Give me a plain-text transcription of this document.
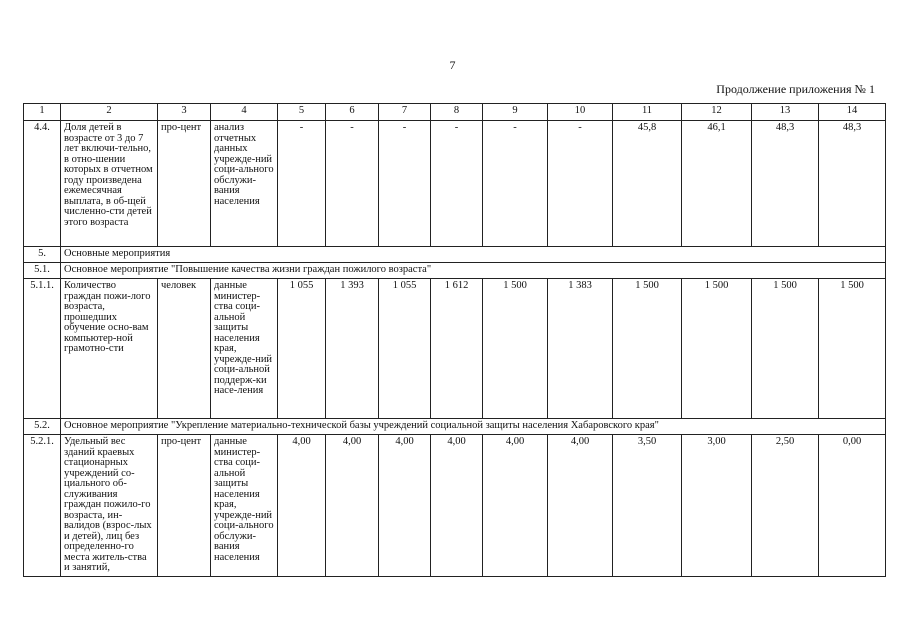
7
Продолжение приложения № 1
1	2	3	4	5	6	7	8	9	10	11	12	13	14
4.4.	Доля детей в возрасте от 3 до 7 лет включи-тельно, в отно-шении которых в отчетном году произведена ежемесячная выплата, в об-щей численно-сти детей этого возраста	про-цент	анализ отчетных данных учрежде-ний соци-ального обслужи-вания населения	-	-	-	-	-	-	45,8	46,1	48,3	48,3
5.	Основные мероприятия												
5.1.	Основное мероприятие "Повышение качества жизни граждан пожилого возраста"												
5.1.1.	Количество граждан пожи-лого возраста, прошедших обучение осно-вам компьютер-ной грамотно-сти	человек	данные министер-ства соци-альной защиты населения края, учрежде-ний соци-альной поддерж-ки насе-ления	1 055	1 393	1 055	1 612	1 500	1 383	1 500	1 500	1 500	1 500
5.2.	Основное мероприятие "Укрепление материально-технической базы учреждений социальной защиты населения Хабаровского края"												
5.2.1.	Удельный вес зданий краевых стационарных учреждений со-циального об-служивания граждан пожило-го возраста, ин-валидов (взрос-лых и детей), лиц без определенно-го места житель-ства и занятий,	про-цент	данные министер-ства соци-альной защиты населения края, учрежде-ний соци-ального обслужи-вания населения	4,00	4,00	4,00	4,00	4,00	4,00	3,50	3,00	2,50	0,00
